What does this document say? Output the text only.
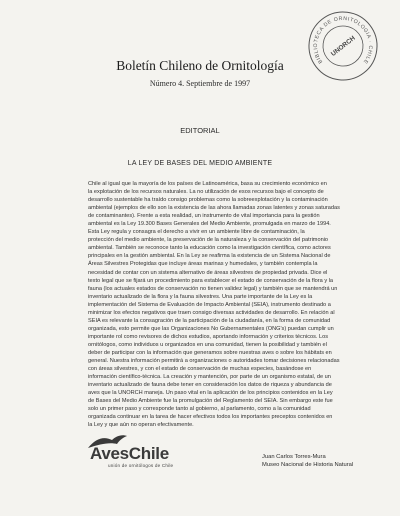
BIBLIOTECA DE ORNITOLOGIA · CHILE
UNORCH
Boletín Chileno de Ornitología
Número 4. Septiembre de 1997
EDITORIAL
LA LEY DE BASES DEL MEDIO AMBIENTE
Chile al igual que la mayoría de los países de Latinoamérica, basa su crecimiento económico en
la explotación de los recursos naturales. La no utilización de esos recursos bajo el concepto de
desarrollo sustentable ha traído consigo problemas como la sobreexplotación y la contaminación
ambiental (ejemplos de ello son la existencia de las ahora llamadas zonas latentes y zonas saturadas
de contaminantes). Frente a esta realidad, un instrumento de vital importancia para la gestión
ambiental es la Ley 19.300 Bases Generales del Medio Ambiente, promulgada en marzo de 1994.
Esta Ley regula y consagra el derecho a vivir en un ambiente libre de contaminación, la
protección del medio ambiente, la preservación de la naturaleza y la conservación del patrimonio
ambiental. También se reconoce tanto la educación como la investigación científica, como actores
principales en la gestión ambiental. En la Ley se reafirma la existencia de un Sistema Nacional de
Áreas Silvestres Protegidas que incluye áreas marinas y humedales, y también contempla la
necesidad de contar con un sistema alternativo de áreas silvestres de propiedad privada. Dice el
texto legal que se fijará un procedimiento para establecer el estado de conservación de la flora y la
fauna (los actuales estados de conservación no tienen validez legal) y también que se mantendrá un
inventario actualizado de la flora y la fauna silvestres. Una parte importante de la Ley es la
implementación del Sistema de Evaluación de Impacto Ambiental (SEIA), instrumento destinado a
minimizar los efectos negativos que traen consigo diversas actividades de desarrollo. En relación al
SEIA es relevante la consagración de la participación de la ciudadanía, en la forma de comunidad
organizada, esto permite que las Organizaciones No Gubernamentales (ONG's) puedan cumplir un
importante rol como revisores de dichos estudios, aportando información y criterios técnicos. Los
ornitólogos, como individuos u organizados en una comunidad, tienen la posibilidad y también el
deber de participar con la información que generamos sobre nuestras aves o sobre los hábitats en
general. Nuestra información permitirá a organizaciones o autoridades tomar decisiones relacionadas
con áreas silvestres, y con el estado de conservación de muchas especies, basándose en
información científico-técnica. La creación y mantención, por parte de un organismo estatal, de un
inventario actualizado de fauna debe tener en consideración los datos de riqueza y abundancia de
aves que la UNORCH maneja. Un paso vital en la aplicación de los principios contenidos en la Ley
de Bases del Medio Ambiente fue la promulgación del Reglamento del SEIA. Sin embargo este fue
solo un primer paso y corresponde tanto al gobierno, al parlamento, como a la comunidad
organizada continuar en la tarea de hacer efectivos todos los importantes preceptos contenidos en
la Ley y que aún no operan efectivamente.
AvesChile
unión de ornitólogos de Chile
Juan Carlos Torres-Mura
Museo Nacional de Historia Natural
